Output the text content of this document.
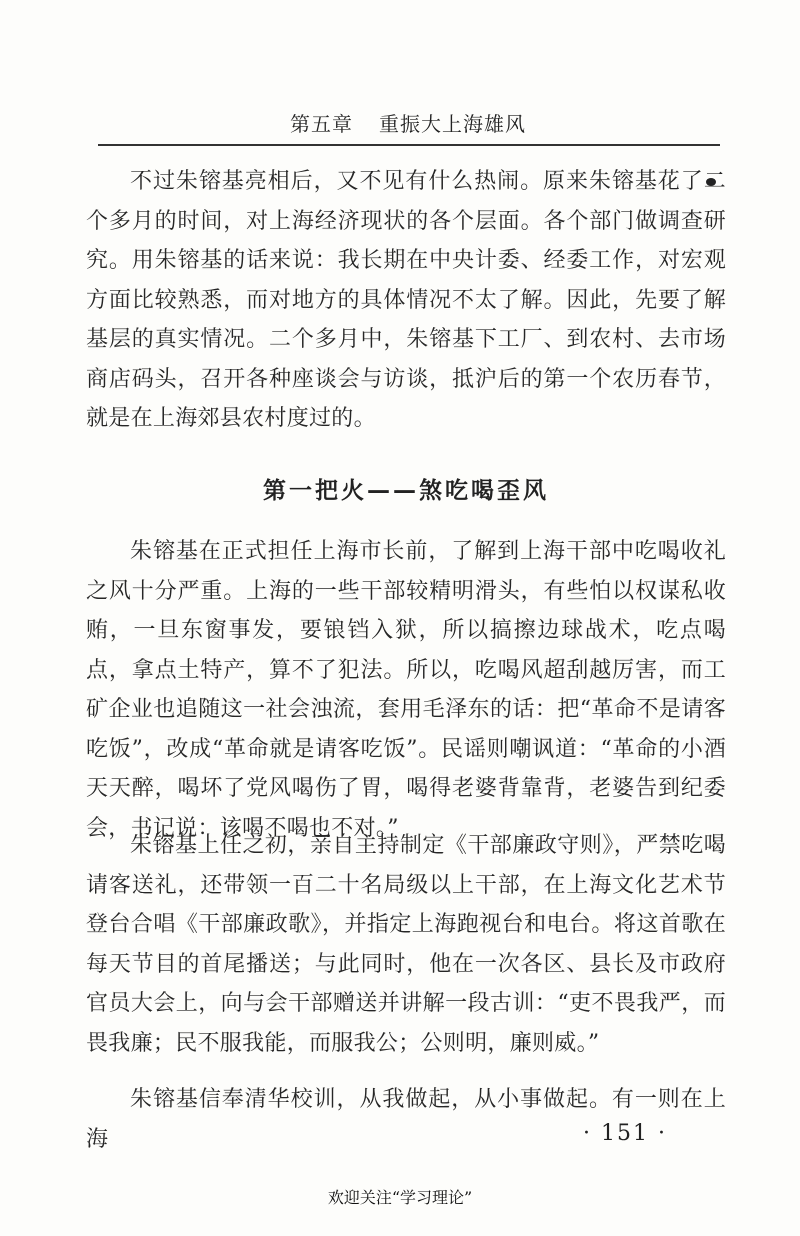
第五章 重振大上海雄风

不过朱镕基亮相后，又不见有什么热闹。原来朱镕基花了二个多月的时间，对上海经济现状的各个层面。各个部门做调查研究。用朱镕基的话来说：我长期在中央计委、经委工作，对宏观方面比较熟悉，而对地方的具体情况不太了解。因此，先要了解基层的真实情况。二个多月中，朱镕基下工厂、到农村、去市场商店码头，召开各种座谈会与访谈，抵沪后的第一个农历春节，就是在上海郊县农村度过的。

第一把火——煞吃喝歪风

朱镕基在正式担任上海市长前，了解到上海干部中吃喝收礼之风十分严重。上海的一些干部较精明滑头，有些怕以权谋私收贿，一旦东窗事发，要锒铛入狱，所以搞擦边球战术，吃点喝点，拿点土特产，算不了犯法。所以，吃喝风超刮越厉害，而工矿企业也追随这一社会浊流，套用毛泽东的话：把“革命不是请客吃饭”，改成“革命就是请客吃饭”。民谣则嘲讽道：“革命的小酒天天醉，喝坏了党风喝伤了胃，喝得老婆背靠背，老婆告到纪委会，书记说：该喝不喝也不对。”

朱镕基上任之初，亲自主持制定《干部廉政守则》，严禁吃喝请客送礼，还带领一百二十名局级以上干部，在上海文化艺术节登台合唱《干部廉政歌》，并指定上海跑视台和电台。将这首歌在每天节目的首尾播送；与此同时，他在一次各区、县长及市政府官员大会上，向与会干部赠送并讲解一段古训：“吏不畏我严，而畏我廉；民不服我能，而服我公；公则明，廉则威。”

朱镕基信奉清华校训，从我做起，从小事做起。有一则在上海	· 151 ·
欢迎关注“学习理论”
